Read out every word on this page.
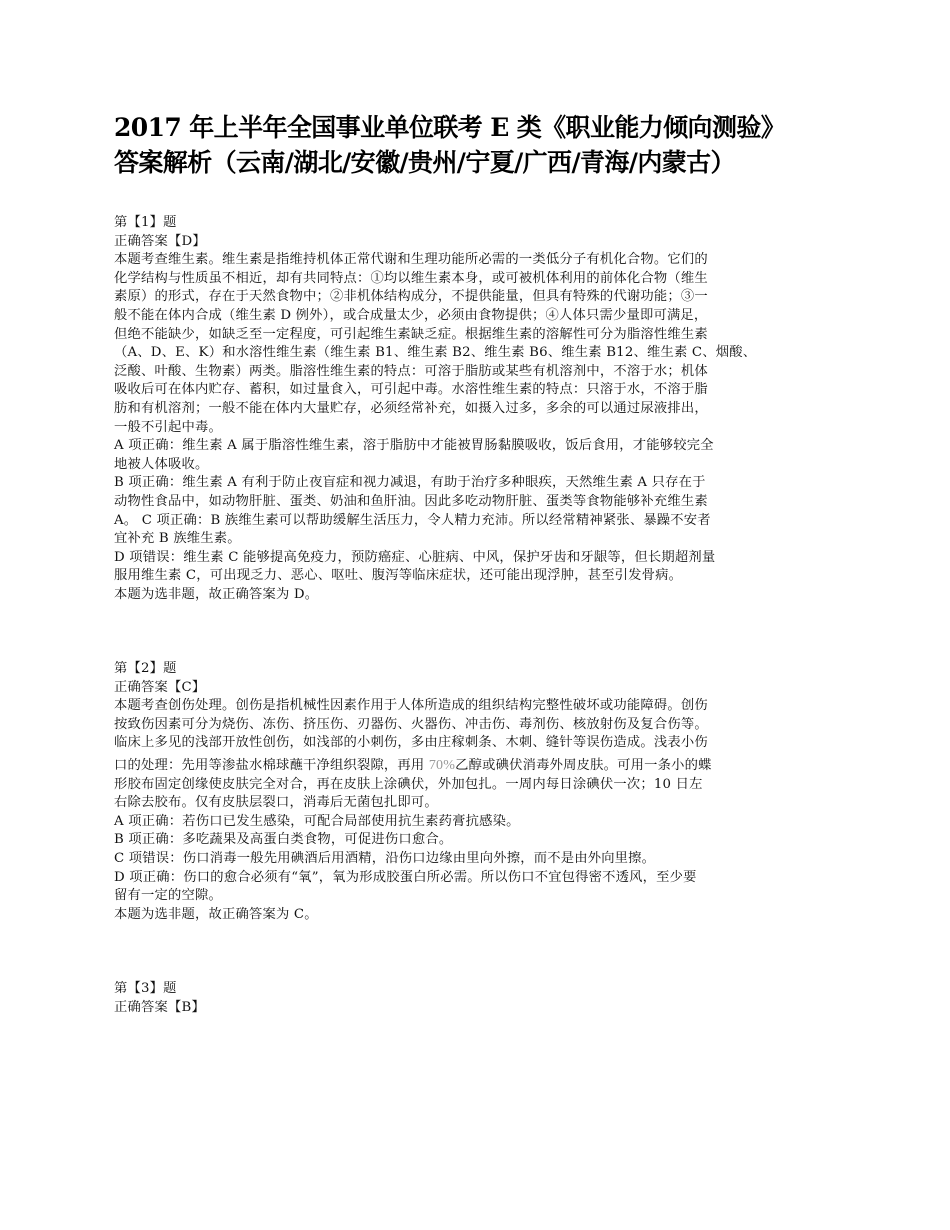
2017 年上半年全国事业单位联考 E 类《职业能力倾向测验》
答案解析（云南/湖北/安徽/贵州/宁夏/广西/青海/内蒙古）
第【1】题
正确答案【D】
本题考查维生素。维生素是指维持机体正常代谢和生理功能所必需的一类低分子有机化合物。它们的
化学结构与性质虽不相近，却有共同特点：①均以维生素本身，或可被机体利用的前体化合物（维生
素原）的形式，存在于天然食物中；②非机体结构成分，不提供能量，但具有特殊的代谢功能；③一
般不能在体内合成（维生素 D 例外），或合成量太少，必须由食物提供；④人体只需少量即可满足，
但绝不能缺少，如缺乏至一定程度，可引起维生素缺乏症。根据维生素的溶解性可分为脂溶性维生素
（A、D、E、K）和水溶性维生素（维生素 B1、维生素 B2、维生素 B6、维生素 B12、维生素 C、烟酸、
泛酸、叶酸、生物素）两类。脂溶性维生素的特点：可溶于脂肪或某些有机溶剂中，不溶于水；机体
吸收后可在体内贮存、蓄积，如过量食入，可引起中毒。水溶性维生素的特点：只溶于水，不溶于脂
肪和有机溶剂；一般不能在体内大量贮存，必须经常补充，如摄入过多，多余的可以通过尿液排出，
一般不引起中毒。
A 项正确：维生素 A 属于脂溶性维生素，溶于脂肪中才能被胃肠黏膜吸收，饭后食用，才能够较完全
地被人体吸收。
B 项正确：维生素 A 有利于防止夜盲症和视力减退，有助于治疗多种眼疾，天然维生素 A 只存在于
动物性食品中，如动物肝脏、蛋类、奶油和鱼肝油。因此多吃动物肝脏、蛋类等食物能够补充维生素
A。 C 项正确：B 族维生素可以帮助缓解生活压力，令人精力充沛。所以经常精神紧张、暴躁不安者
宜补充 B 族维生素。
D 项错误：维生素 C 能够提高免疫力，预防癌症、心脏病、中风，保护牙齿和牙龈等，但长期超剂量
服用维生素 C，可出现乏力、恶心、呕吐、腹泻等临床症状，还可能出现浮肿，甚至引发骨病。
本题为选非题，故正确答案为 D。
第【2】题
正确答案【C】
本题考查创伤处理。创伤是指机械性因素作用于人体所造成的组织结构完整性破坏或功能障碍。创伤
按致伤因素可分为烧伤、冻伤、挤压伤、刃器伤、火器伤、冲击伤、毒剂伤、核放射伤及复合伤等。
临床上多见的浅部开放性创伤，如浅部的小刺伤，多由庄稼刺条、木刺、缝针等误伤造成。浅表小伤
口的处理：先用等渗盐水棉球蘸干净组织裂隙，再用 70%乙醇或碘伏消毒外周皮肤。可用一条小的蝶
形胶布固定创缘使皮肤完全对合，再在皮肤上涂碘伏，外加包扎。一周内每日涂碘伏一次；10 日左
右除去胶布。仅有皮肤层裂口，消毒后无菌包扎即可。
A 项正确：若伤口已发生感染，可配合局部使用抗生素药膏抗感染。
B 项正确：多吃蔬果及高蛋白类食物，可促进伤口愈合。
C 项错误：伤口消毒一般先用碘酒后用酒精，沿伤口边缘由里向外擦，而不是由外向里擦。
D 项正确：伤口的愈合必须有“氧”，氧为形成胶蛋白所必需。所以伤口不宜包得密不透风，至少要
留有一定的空隙。
本题为选非题，故正确答案为 C。
第【3】题
正确答案【B】
